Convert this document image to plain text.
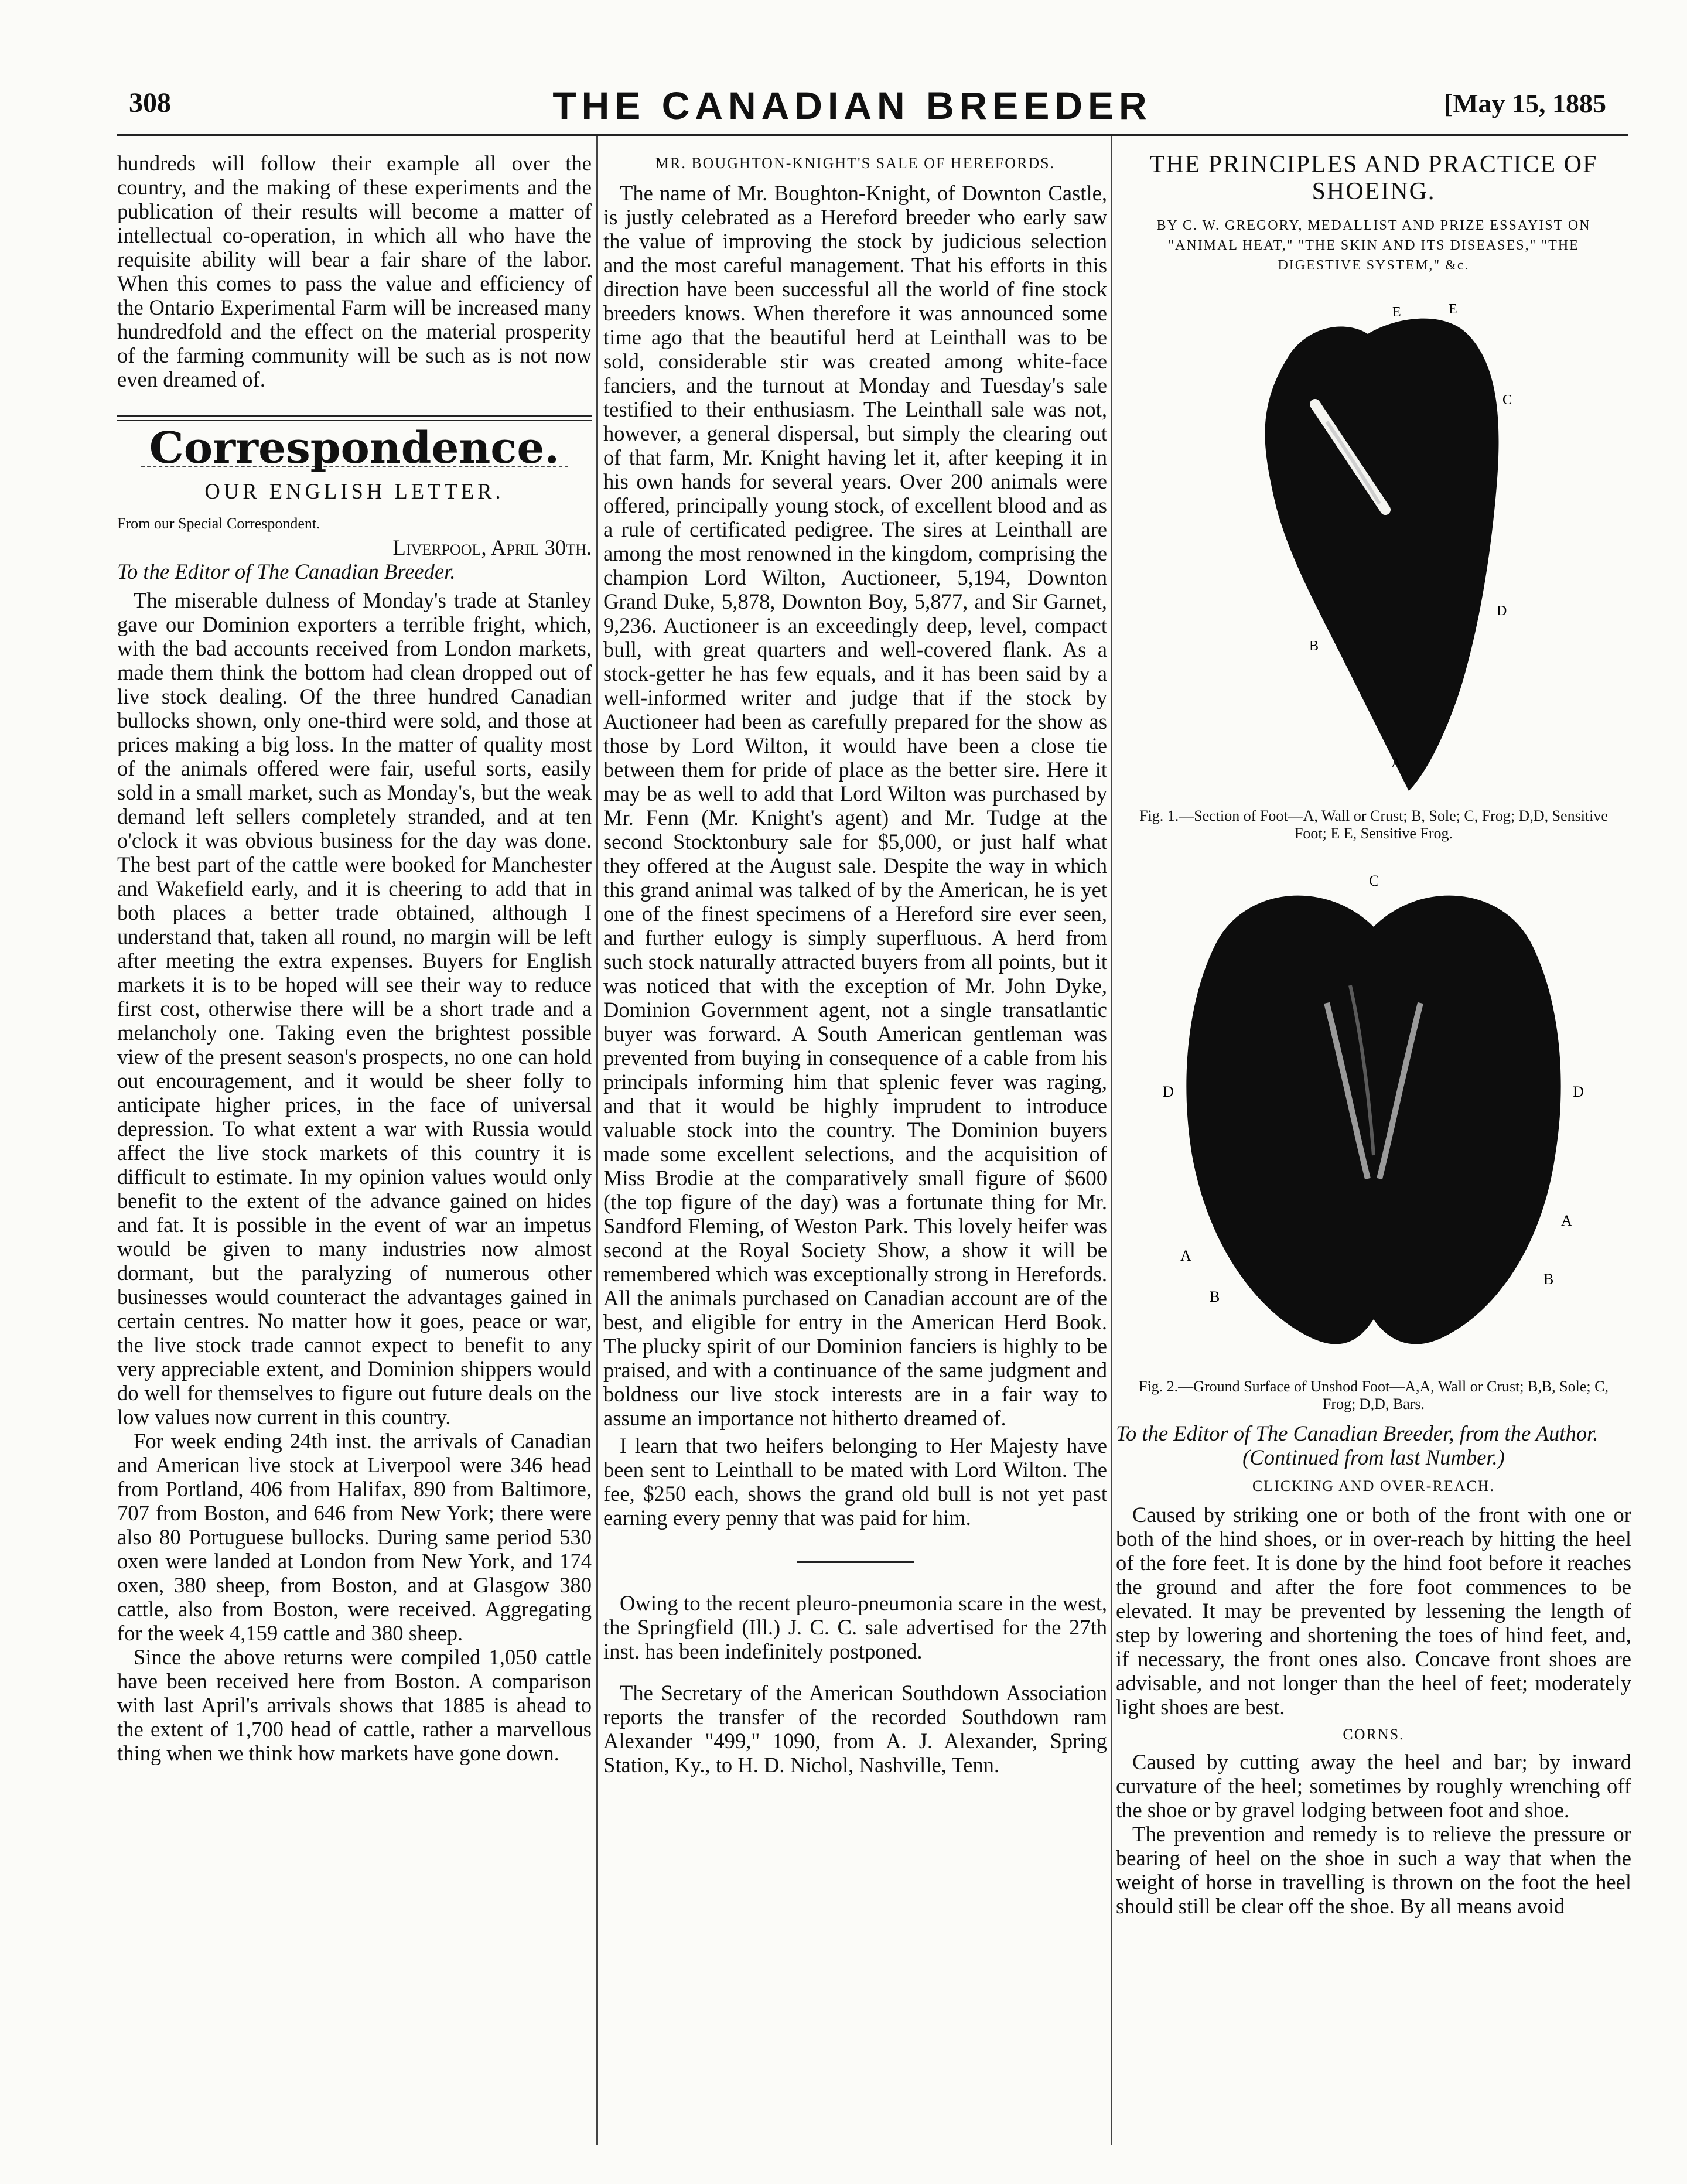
308	THE CANADIAN BREEDER	[May 15, 1885

hundreds will follow their example all over the country, and the making of these experiments and the publication of their results will become a matter of intellectual co-operation, in which all who have the requisite ability will bear a fair share of the labor. When this comes to pass the value and efficiency of the Ontario Experimental Farm will be increased many hundredfold and the effect on the material prosperity of the farming community will be such as is not now even dreamed of.

Correspondence.
OUR ENGLISH LETTER.

From our Special Correspondent.

Liverpool, April 30th.

To the Editor of The Canadian Breeder.

The miserable dulness of Monday's trade at Stanley gave our Dominion exporters a terrible fright, which, with the bad accounts received from London markets, made them think the bottom had clean dropped out of live stock dealing. Of the three hundred Canadian bullocks shown, only one-third were sold, and those at prices making a big loss. In the matter of quality most of the animals offered were fair, useful sorts, easily sold in a small market, such as Monday's, but the weak demand left sellers completely stranded, and at ten o'clock it was obvious business for the day was done. The best part of the cattle were booked for Manchester and Wakefield early, and it is cheering to add that in both places a better trade obtained, although I understand that, taken all round, no margin will be left after meeting the extra expenses. Buyers for English markets it is to be hoped will see their way to reduce first cost, otherwise there will be a short trade and a melancholy one. Taking even the brightest possible view of the present season's prospects, no one can hold out encouragement, and it would be sheer folly to anticipate higher prices, in the face of universal depression. To what extent a war with Russia would affect the live stock markets of this country it is difficult to estimate. In my opinion values would only benefit to the extent of the advance gained on hides and fat. It is possible in the event of war an impetus would be given to many industries now almost dormant, but the paralyzing of numerous other businesses would counteract the advantages gained in certain centres. No matter how it goes, peace or war, the live stock trade cannot expect to benefit to any very appreciable extent, and Dominion shippers would do well for themselves to figure out future deals on the low values now current in this country.

For week ending 24th inst. the arrivals of Canadian and American live stock at Liverpool were 346 head from Portland, 406 from Halifax, 890 from Baltimore, 707 from Boston, and 646 from New York; there were also 80 Portuguese bullocks. During same period 530 oxen were landed at London from New York, and 174 oxen, 380 sheep, from Boston, and at Glasgow 380 cattle, also from Boston, were received. Aggregating for the week 4,159 cattle and 380 sheep.

Since the above returns were compiled 1,050 cattle have been received here from Boston. A comparison with last April's arrivals shows that 1885 is ahead to the extent of 1,700 head of cattle, rather a marvellous thing when we think how markets have gone down.

MR. BOUGHTON-KNIGHT'S SALE OF HEREFORDS.

The name of Mr. Boughton-Knight, of Downton Castle, is justly celebrated as a Hereford breeder who early saw the value of improving the stock by judicious selection and the most careful management. That his efforts in this direction have been successful all the world of fine stock breeders knows. When therefore it was announced some time ago that the beautiful herd at Leinthall was to be sold, considerable stir was created among white-face fanciers, and the turnout at Monday and Tuesday's sale testified to their enthusiasm. The Leinthall sale was not, however, a general dispersal, but simply the clearing out of that farm, Mr. Knight having let it, after keeping it in his own hands for several years. Over 200 animals were offered, principally young stock, of excellent blood and as a rule of certificated pedigree. The sires at Leinthall are among the most renowned in the kingdom, comprising the champion Lord Wilton, Auctioneer, 5,194, Downton Grand Duke, 5,878, Downton Boy, 5,877, and Sir Garnet, 9,236. Auctioneer is an exceedingly deep, level, compact bull, with great quarters and well-covered flank. As a stock-getter he has few equals, and it has been said by a well-informed writer and judge that if the stock by Auctioneer had been as carefully prepared for the show as those by Lord Wilton, it would have been a close tie between them for pride of place as the better sire. Here it may be as well to add that Lord Wilton was purchased by Mr. Fenn (Mr. Knight's agent) and Mr. Tudge at the second Stocktonbury sale for $5,000, or just half what they offered at the August sale. Despite the way in which this grand animal was talked of by the American, he is yet one of the finest specimens of a Hereford sire ever seen, and further eulogy is simply superfluous. A herd from such stock naturally attracted buyers from all points, but it was noticed that with the exception of Mr. John Dyke, Dominion Government agent, not a single transatlantic buyer was forward. A South American gentleman was prevented from buying in consequence of a cable from his principals informing him that splenic fever was raging, and that it would be highly imprudent to introduce valuable stock into the country. The Dominion buyers made some excellent selections, and the acquisition of Miss Brodie at the comparatively small figure of $600 (the top figure of the day) was a fortunate thing for Mr. Sandford Fleming, of Weston Park. This lovely heifer was second at the Royal Society Show, a show it will be remembered which was exceptionally strong in Herefords. All the animals purchased on Canadian account are of the best, and eligible for entry in the American Herd Book. The plucky spirit of our Dominion fanciers is highly to be praised, and with a continuance of the same judgment and boldness our live stock interests are in a fair way to assume an importance not hitherto dreamed of.

I learn that two heifers belonging to Her Majesty have been sent to Leinthall to be mated with Lord Wilton. The fee, $250 each, shows the grand old bull is not yet past earning every penny that was paid for him.

Owing to the recent pleuro-pneumonia scare in the west, the Springfield (Ill.) J. C. C. sale advertised for the 27th inst. has been indefinitely postponed.

The Secretary of the American Southdown Association reports the transfer of the recorded Southdown ram Alexander "499," 1090, from A. J. Alexander, Spring Station, Ky., to H. D. Nichol, Nashville, Tenn.

THE PRINCIPLES AND PRACTICE OF SHOEING.
BY C. W. GREGORY, MEDALLIST AND PRIZE ESSAYIST ON "ANIMAL HEAT," "THE SKIN AND ITS DISEASES," "THE DIGESTIVE SYSTEM," &c.
E	E
C
D
B
A
Fig. 1.—Section of Foot—A, Wall or Crust; B, Sole; C, Frog; D,D, Sensitive Foot; E E, Sensitive Frog.
C
D	D
A
A
B
B
Fig. 2.—Ground Surface of Unshod Foot—A,A, Wall or Crust; B,B, Sole; C, Frog; D,D, Bars.

To the Editor of The Canadian Breeder, from the Author.

(Continued from last Number.)

CLICKING AND OVER-REACH.

Caused by striking one or both of the front with one or both of the hind shoes, or in over-reach by hitting the heel of the fore feet. It is done by the hind foot before it reaches the ground and after the fore foot commences to be elevated. It may be prevented by lessening the length of step by lowering and shortening the toes of hind feet, and, if necessary, the front ones also. Concave front shoes are advisable, and not longer than the heel of feet; moderately light shoes are best.

CORNS.

Caused by cutting away the heel and bar; by inward curvature of the heel; sometimes by roughly wrenching off the shoe or by gravel lodging between foot and shoe.

The prevention and remedy is to relieve the pressure or bearing of heel on the shoe in such a way that when the weight of horse in travelling is thrown on the foot the heel should still be clear off the shoe. By all means avoid
